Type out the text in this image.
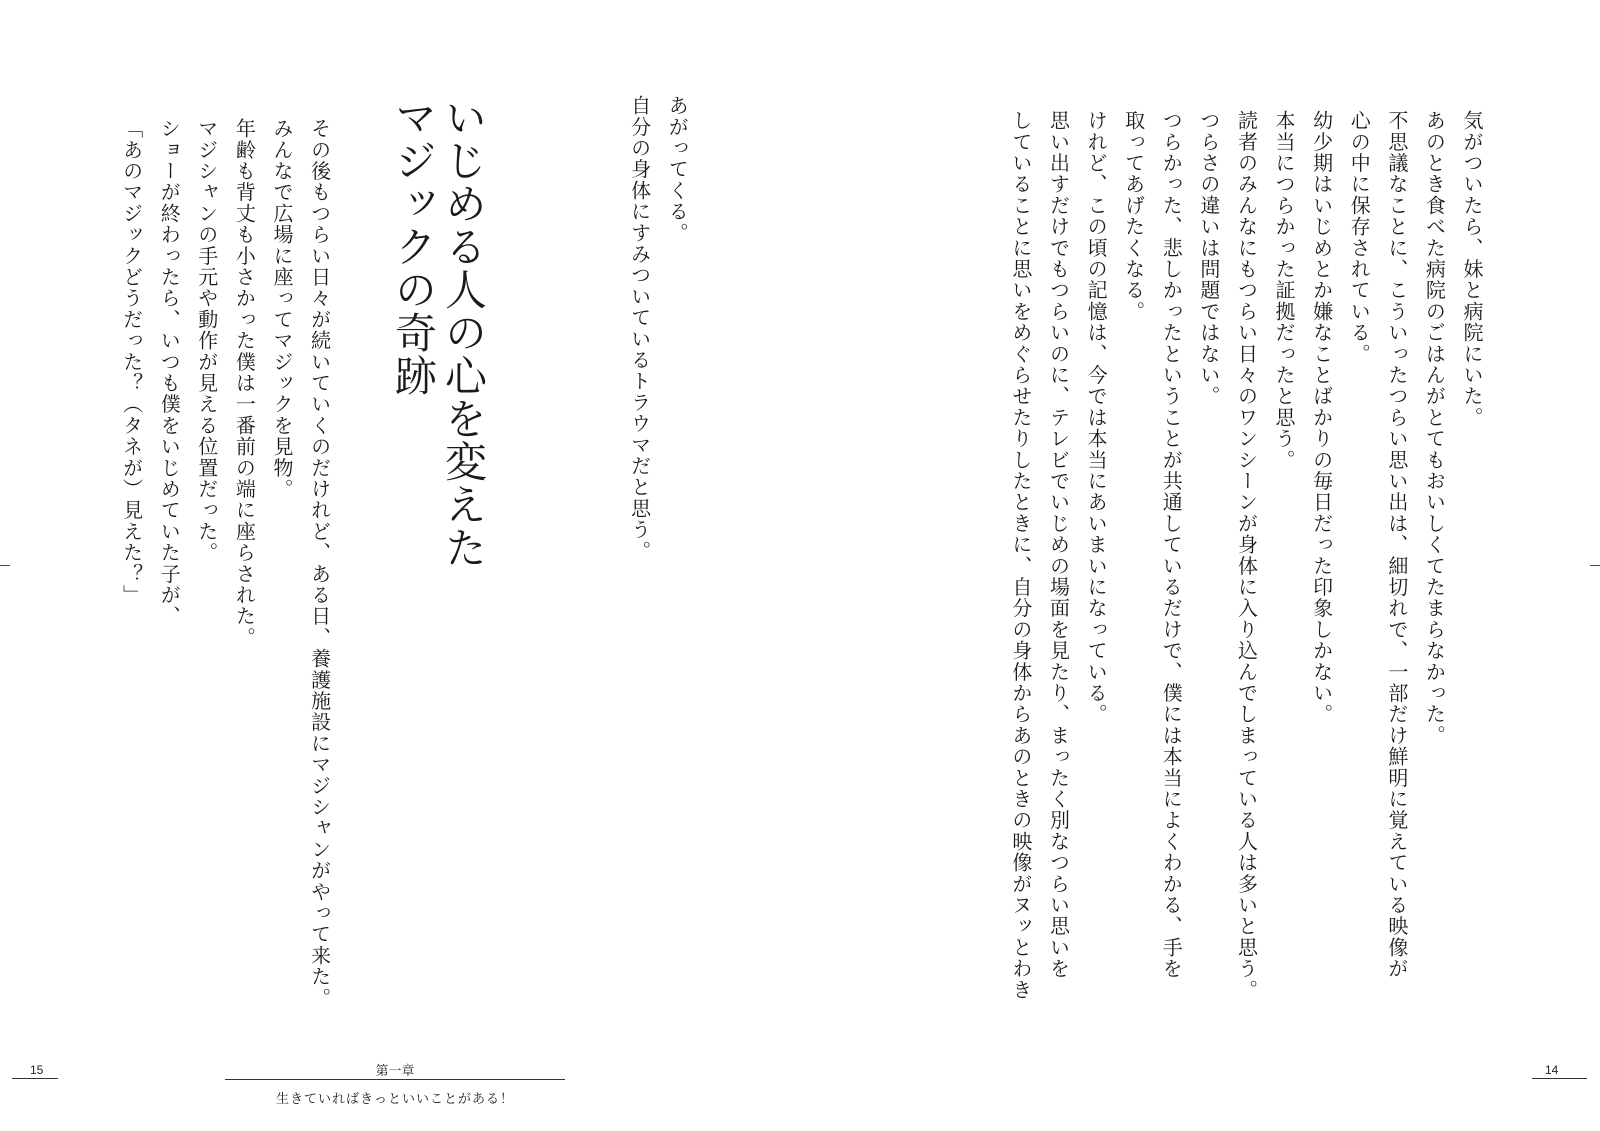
気がついたら、妹と病院にいた。
あのとき食べた病院のごはんがとてもおいしくてたまらなかった。
不思議なことに、こういったつらい思い出は、細切れで、一部だけ鮮明に覚えている映像が
心の中に保存されている。
幼少期はいじめとか嫌なことばかりの毎日だった印象しかない。
本当につらかった証拠だったと思う。
読者のみんなにもつらい日々のワンシーンが身体に入り込んでしまっている人は多いと思う。
つらさの違いは問題ではない。
つらかった、悲しかったということが共通しているだけで、僕には本当によくわかる、手を
取ってあげたくなる。
けれど、この頃の記憶は、今では本当にあいまいになっている。
思い出すだけでもつらいのに、テレビでいじめの場面を見たり、まったく別なつらい思いを
していることに思いをめぐらせたりしたときに、自分の身体からあのときの映像がヌッとわき
あがってくる。
自分の身体にすみついているトラウマだと思う。
いじめる人の心を変えた
マジックの奇跡
その後もつらい日々が続いていくのだけれど、ある日、養護施設にマジシャンがやって来た。
みんなで広場に座ってマジックを見物。
年齢も背丈も小さかった僕は一番前の端に座らされた。
マジシャンの手元や動作が見える位置だった。
ショーが終わったら、いつも僕をいじめていた子が、
「あのマジックどうだった？（タネが）見えた？」
15	14
第一章
生きていればきっといいことがある！
